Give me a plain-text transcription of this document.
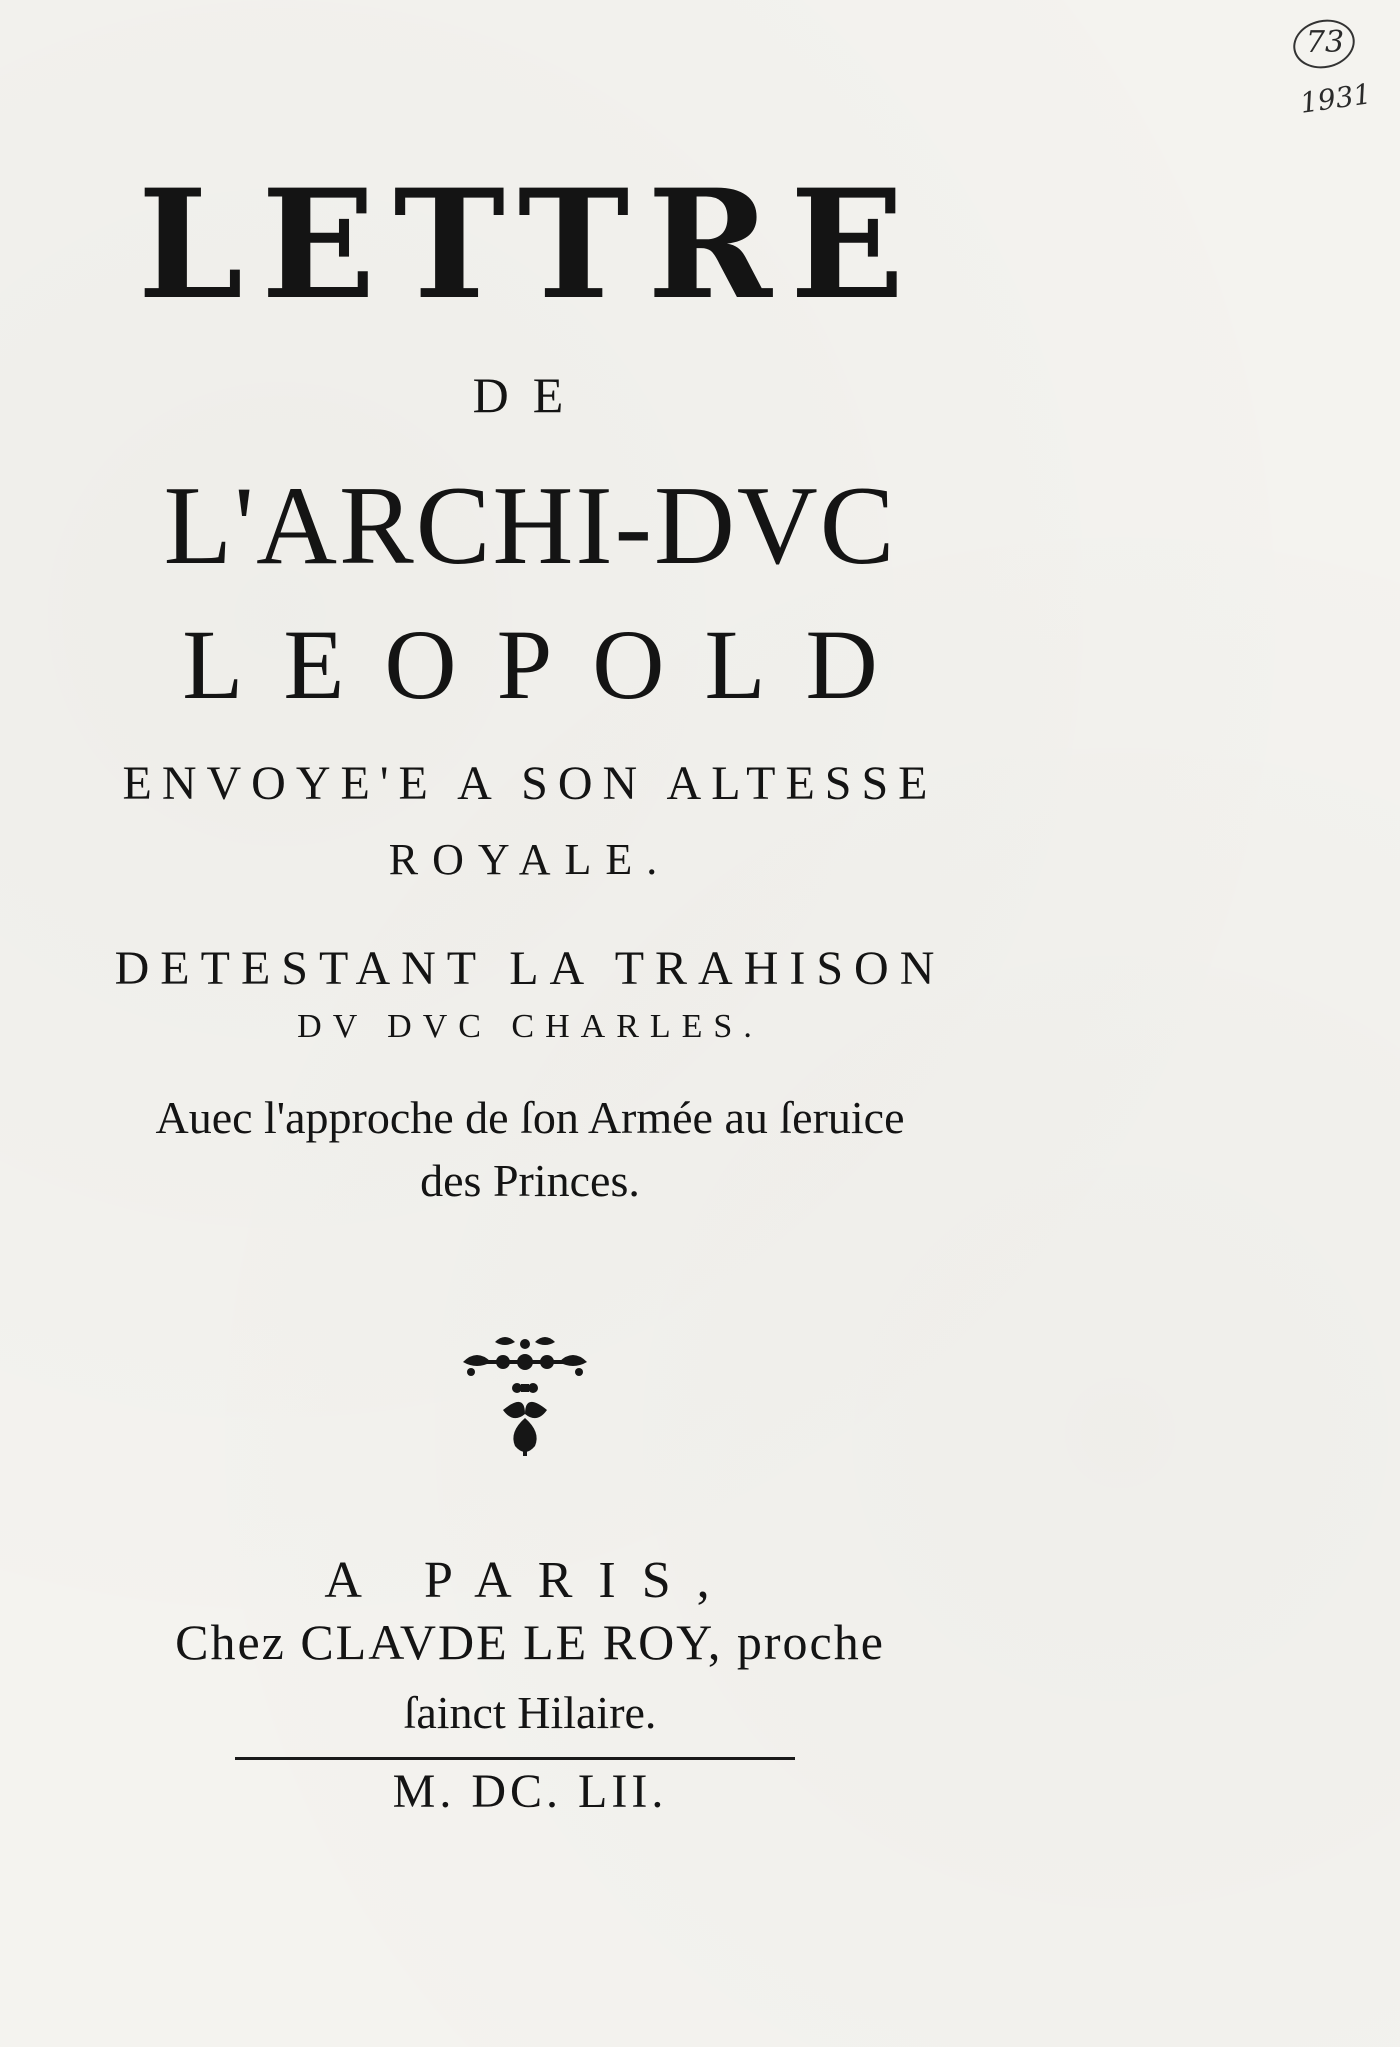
73
1931
LETTRE

DE

L'ARCHI-DVC

LEOPOLD

ENVOYE'E A SON ALTESSE

ROYALE.

DETESTANT LA TRAHISON

DV DVC CHARLES.

Auec l'approche de ſon Armée au ſeruice

des Princes.

A PARIS,

Chez CLAVDE LE ROY, proche

ſainct Hilaire.

M. DC. LII.
